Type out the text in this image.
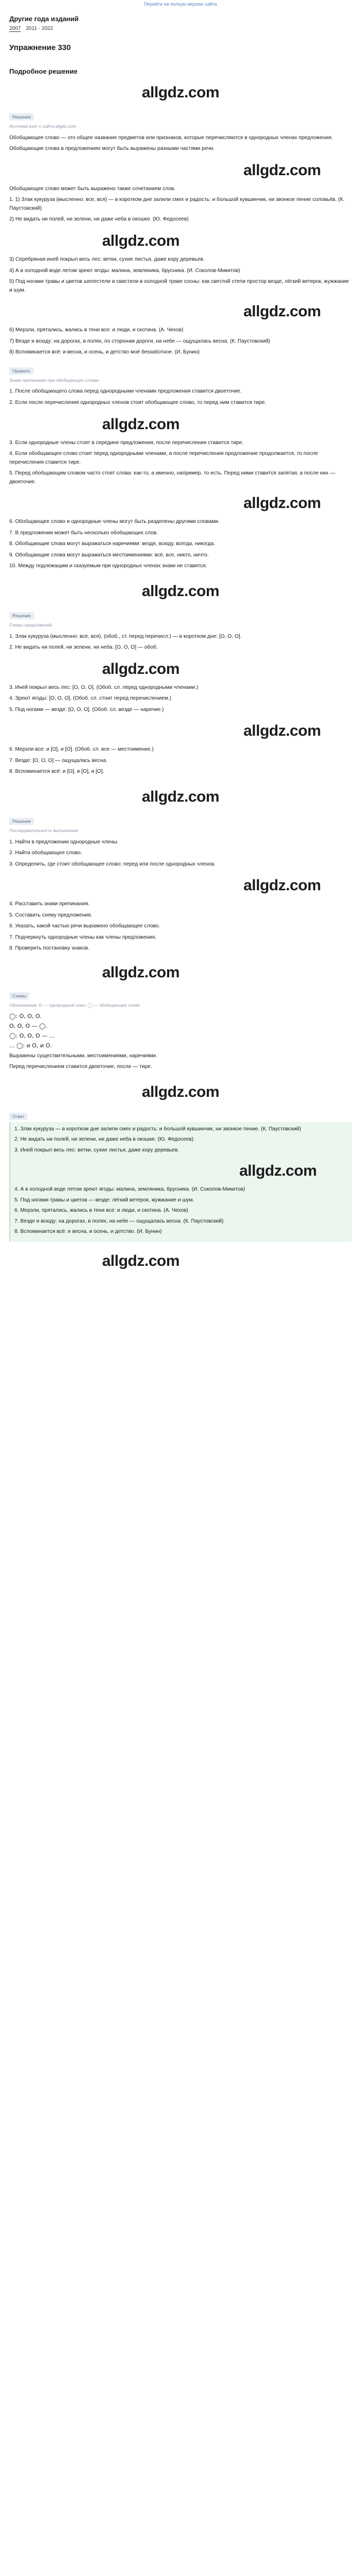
Перейти на полную версию сайта
Другие года изданий
2007 2011 - 2022
Упражнение 330
Подробное решение
allgdz.com
Решение
Источник взят с сайта allgdz.com

Обобщающее слово — это общее название предметов или признаков, которые перечисляются в однородных членах предложения.

Обобщающие слова в предложениях могут быть выражены разными частями речи.

allgdz.com

Обобщающее слово может быть выражено также сочетанием слов.

1. 1) Злак кукуруза (мысленно: все, вся) — в коротком дне залили смех и радость: и большой кувшинчик, ни звонкое пение соловьёв. (К. Паустовский)

2) Не видать ни полей, ни зелени, ни даже неба в окошке. (Ю. Федосеев)

allgdz.com

3) Серебряная иней покрыл весь лес: ветки, сухие листья, даже кору деревьев.

4) А в холодной воде летом зреют ягоды: малина, земляника, брусника. (И. Соколов-Микитов)

5) Под ногами травы и цветов шелестели и свистели в холодной траве сосны: как светлой степи простор везде, лёгкий ветерок, жужжание и шум.

allgdz.com

6) Мерзли, прятались, жались в тени все: и люди, и скотина. (А. Чехов)

7) Везде и всюду: на дорогах, в полях, по сторонам дороги, на небе — ощущалась весна. (К. Паустовский)

8) Вспоминается всё: и весна, и осень, и детство моё беззаботное. (И. Бунин)

Правило
Знаки препинания при обобщающих словах

1. После обобщающего слова перед однородными членами предложения ставится двоеточие.

2. Если после перечисления однородных членов стоит обобщающее слово, то перед ним ставится тире.

allgdz.com

3. Если однородные члены стоят в середине предложения, после перечисления ставится тире.

4. Если обобщающее слово стоит перед однородными членами, а после перечисления предложение продолжается, то после перечисления ставится тире.

5. Перед обобщающим словом часто стоят слова: как-то, а именно, например, то есть. Перед ними ставится запятая, а после них — двоеточие.

allgdz.com

6. Обобщающее слово и однородные члены могут быть разделены другими словами.

7. В предложении может быть несколько обобщающих слов.

8. Обобщающие слова могут выражаться наречиями: везде, всюду, всегда, никогда.

9. Обобщающие слова могут выражаться местоимениями: всё, все, никто, ничто.

10. Между подлежащим и сказуемым при однородных членах знаки не ставятся.

allgdz.com
Решение
Схемы предложений

1. Злак кукуруза (мысленно: все, вся), (обоб., ст. перед перечисл.) — в коротком дне: [О, О, О].

2. Не видать ни полей, ни зелени, ни неба: [О, О, О] — обоб.

allgdz.com

3. Иней покрыл весь лес: [О, О, О]. (Обоб. сл. перед однородными членами.)

4. Зреют ягоды: [О, О, О]. (Обоб. сл. стоит перед перечислением.)

5. Под ногами — везде: [О, О, О]. (Обоб. сл. везде — наречие.)

allgdz.com

6. Мерзли все: и [О], и [О]. (Обоб. сл. все — местоимение.)

7. Везде: [О, О, О] — ощущалась весна.

8. Вспоминается всё: и [О], и [О], и [О].

allgdz.com
Решение
Последовательность выполнения

1. Найти в предложении однородные члены.

2. Найти обобщающее слово.

3. Определить, где стоит обобщающее слово: перед или после однородных членов.

allgdz.com

4. Расставить знаки препинания.

5. Составить схему предложения.

6. Указать, какой частью речи выражено обобщающее слово.

7. Подчеркнуть однородные члены как члены предложения.

8. Проверить постановку знаков.

allgdz.com
Схемы
Обозначения: О — однородный член, ◯ — обобщающее слово
◯: О, О, О.
О, О, О — ◯.
◯: О, О, О — ...
... ◯: и О, и О.

Выражены существительными, местоимениями, наречиями.

Перед перечислением ставится двоеточие, после — тире.

allgdz.com
Ответ

1. Злак кукуруза — в коротком дне залили смех и радость: и большой кувшинчик, ни звонкое пение. (К. Паустовский)

2. Не видать ни полей, ни зелени, ни даже неба в окошке. (Ю. Федосеев)

3. Иней покрыл весь лес: ветки, сухие листья, даже кору деревьев.

allgdz.com

4. А в холодной воде летом зреют ягоды: малина, земляника, брусника. (И. Соколов-Микитов)

5. Под ногами травы и цветов — везде: лёгкий ветерок, жужжание и шум.

6. Мерзли, прятались, жались в тени все: и люди, и скотина. (А. Чехов)

7. Везде и всюду: на дорогах, в полях, на небе — ощущалась весна. (К. Паустовский)

8. Вспоминается всё: и весна, и осень, и детство. (И. Бунин)

allgdz.com
